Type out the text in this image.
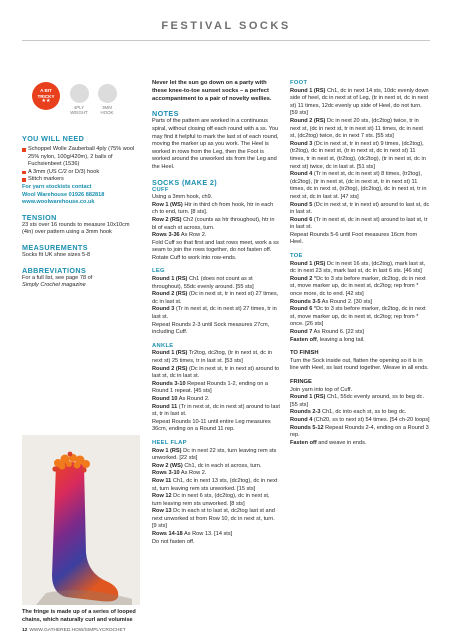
FESTIVAL SOCKS
A BIT
TRICKY
★★
4PLY
WEIGHT
3MM
HOOK
YOU WILL NEED

Schoppel Wolle Zauberball 4ply (75% wool 25% nylon, 100g/420m), 2 balls of Fuchsienbeet (1536)

A 3mm (US C/2 or D/3) hook

Stitch markers

For yarn stockists contact

Wool Warehouse 01926 882818

www.woolwarehouse.co.uk

TENSION

23 sts over 16 rounds to measure 10x10cm (4in) over pattern using a 3mm hook

MEASUREMENTS

Socks fit UK shoe sizes 5-8

ABBREVIATIONS

For a full list, see page 78 of

Simply Crochet magazine

The fringe is made up of a series of looped chains, which naturally curl and volumise

Never let the sun go down on a party with these knee-to-toe sunset socks – a perfect accompaniment to a pair of novelty wellies.

NOTES

Parts of the pattern are worked in a continuous spiral, without closing off each round with a ss. You may find it helpful to mark the last st of each round, moving the marker up as you work. The Heel is worked in rows from the Leg, then the Foot is worked around the unworked sts from the Leg and the Heel.

SOCKS (MAKE 2)
CUFF

Using a 3mm hook, ch9.

Row 1 (WS) Htr in third ch from hook, htr in each ch to end, turn. [8 sts].

Row 2 (RS) Ch2 (counts as htr throughout), htr in bl of each st across, turn.

Rows 3-36 As Row 2.

Fold Cuff so that first and last rows meet, work a ss seam to join the rows together, do not fasten off.

Rotate Cuff to work into row-ends.

LEG

Round 1 (RS) Ch1 (does not count as st throughout), 55dc evenly around. [55 sts]

Round 2 (RS) (Dc in next st, tr in next st) 27 times, dc in last st.

Round 3 (Tr in next st, dc in next st) 27 times, tr in last st.

Repeat Rounds 2-3 until Sock measures 27cm, including Cuff.

ANKLE

Round 1 (RS) Tr2tog, dc2tog, (tr in next st, dc in next st) 25 times, tr in last st. [53 sts]

Round 2 (RS) (Dc in next st, tr in next st) around to last st, dc in last st.

Rounds 3-10 Repeat Rounds 1-2, ending on a Round 1 repeat. [45 sts]

Round 10 As Round 2.

Round 11 (Tr in next st, dc in next st) around to last st, tr in last st.

Repeat Rounds 10-11 until entire Leg measures 36cm, ending on a Round 11 rep.

HEEL FLAP

Row 1 (RS) Dc in next 22 sts, turn leaving rem sts unworked. [22 sts]

Row 2 (WS) Ch1, dc in each st across, turn.

Rows 3-10 As Row 2.

Row 11 Ch1, dc in next 13 sts, (dc2tog), dc in next st, turn leaving rem sts unworked. [15 sts]

Row 12 Dc in next 6 sts, (dc2tog), dc in next st, turn leaving rem sts unworked. [8 sts]

Row 13 Dc in each st to last st, dc2tog last st and next unworked st from Row 10, dc in next st, turn. [9 sts]

Rows 14-18 As Row 13. [14 sts]

Do not fasten off.

FOOT

Round 1 (RS) Ch1, dc in next 14 sts, 10dc evenly down side of heel, dc in next st of Leg, (tr in next st, dc in next st) 11 times, 12dc evenly up side of Heel, do not turn. [59 sts]

Round 2 (RS) Dc in next 20 sts, (dc2tog) twice, tr in next st, (dc in next st, tr in next st) 11 times, dc in next st, (dc2tog) twice, dc in next 7 sts. [55 sts]

Round 3 (Dc in next st, tr in next st) 9 times, (dc2tog), (tr2tog), dc in next st, (tr in next st, dc in next st) 11 times, tr in next st, (tr2tog), (dc2tog), (tr in next st, dc in next st) twice, dc in last st. [51 sts]

Round 4 (Tr in next st, dc in next st) 8 times, (tr2tog), (dc2tog), (tr in next st, (dc in next st, tr in next st) 11 times, dc in next st, (tr2tog), (dc2tog), dc in next st, tr in next st, dc in last st. [47 sts]

Round 5 (Dc in next st, tr in next st) around to last st, dc in last st.

Round 6 (Tr in next st, dc in next st) around to last st, tr in last st.

Repeat Rounds 5-6 until Foot measures 16cm from Heel.

TOE

Round 1 (RS) Dc in next 16 sts, (dc2tog), mark last st, dc in next 23 sts, mark last st, dc in last 6 sts. [46 sts]

Round 2 *Dc to 3 sts before marker, dc2tog, dc in next st, move marker up, dc in next st, dc2tog; rep from * once more, dc to end. [42 sts]

Rounds 3-5 As Round 2. [30 sts]

Round 6 *Dc to 3 sts before marker, dc2tog, dc in next st, move marker up, dc in next st, dc2tog; rep from * once. [26 sts]

Round 7 As Round 6. [22 sts]

Fasten off, leaving a long tail.

TO FINISH

Turn the Sock inside out, flatten the opening so it is in line with Heel, ss last round together. Weave in all ends.

FRINGE

Join yarn into top of Cuff.

Round 1 (RS) Ch1, 55dc evenly around, ss to beg dc. [55 sts]

Rounds 2-3 Ch1, dc into each st, ss to beg dc.

Round 4 (Ch20, ss to next st) 54 times. [54 ch-20 loops]

Rounds 5-12 Repeat Rounds 2-4, ending on a Round 3 rep.

Fasten off and weave in ends.

12 WWW.GATHERED.HOW/SIMPLYCROCHET
